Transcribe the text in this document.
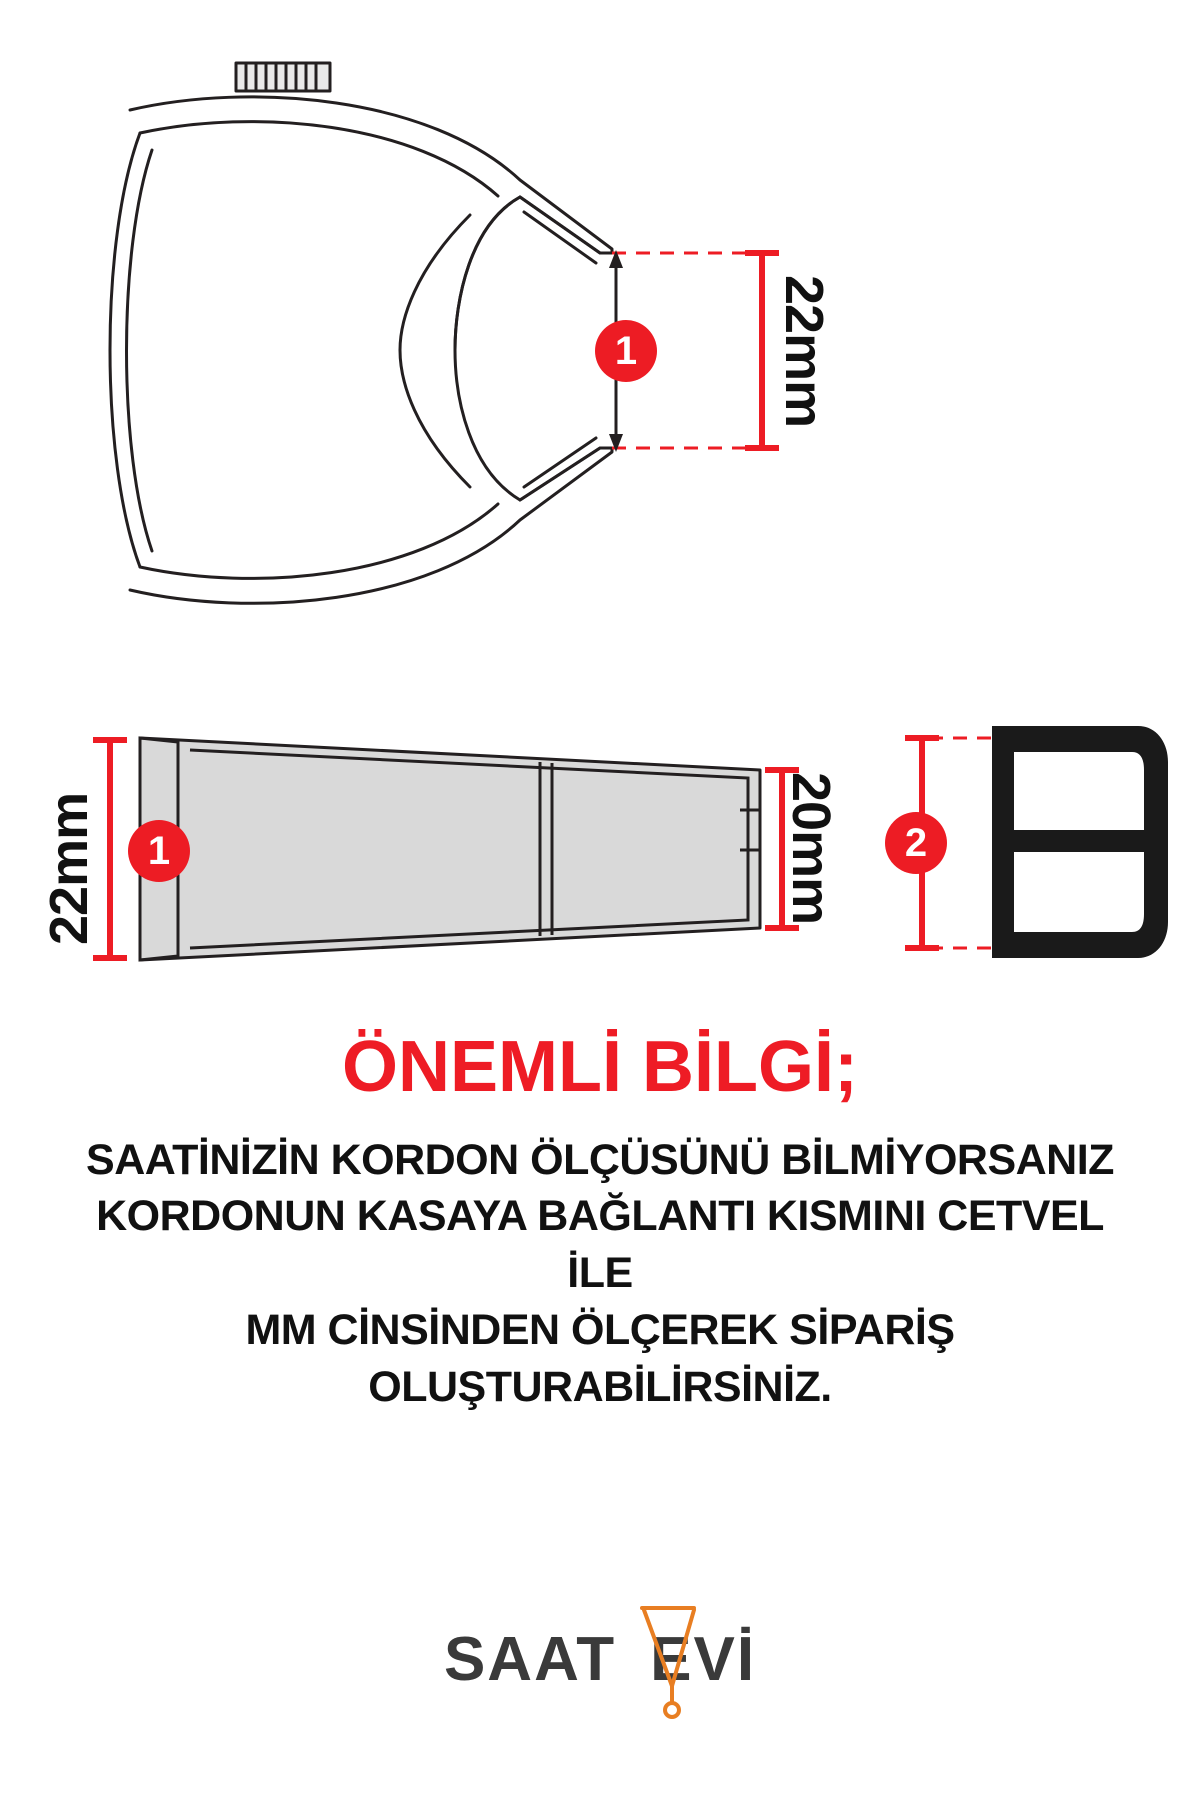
1	22mm
1	2
22mm	20mm
ÖNEMLİ BİLGİ;
SAATİNİZİN KORDON ÖLÇÜSÜNÜ BİLMİYORSANIZ
KORDONUN KASAYA BAĞLANTI KISMINI CETVEL İLE
MM CİNSİNDEN ÖLÇEREK SİPARİŞ
OLUŞTURABİLİRSİNİZ.
SAAT EVİ
